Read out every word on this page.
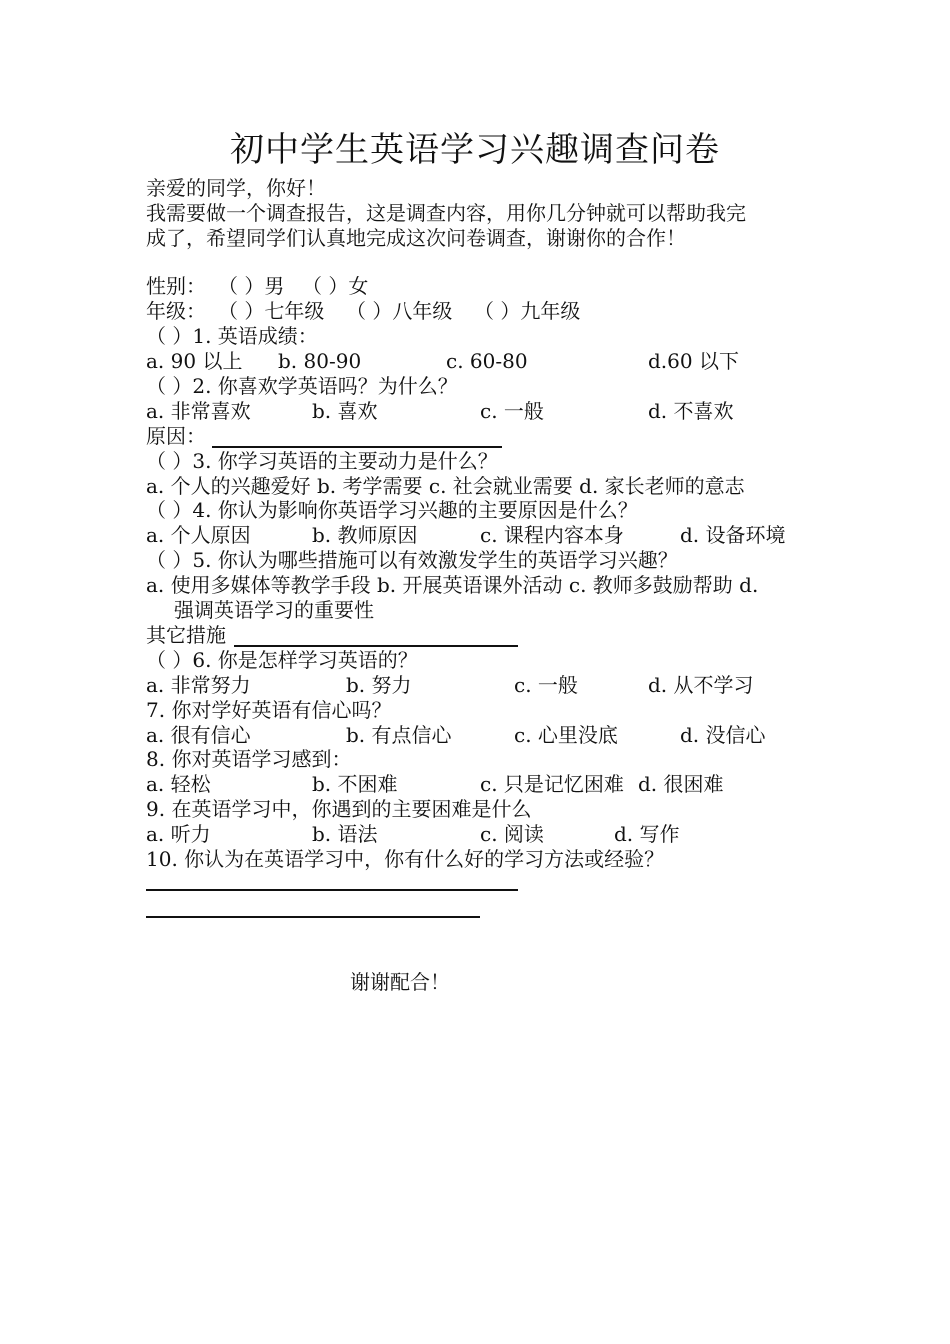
初中学生英语学习兴趣调查问卷
亲爱的同学，你好！
我需要做一个调查报告，这是调查内容，用你几分钟就可以帮助我完
成了，希望同学们认真地完成这次问卷调查，谢谢你的合作！
性别： （ ）男 （ ）女
年级： （ ）七年级 （ ）八年级 （ ）九年级
（ ）1. 英语成绩：
a. 90 以上 b. 80-90	c. 60-80	d.60 以下
（ ）2. 你喜欢学英语吗？为什么？
a. 非常喜欢	b. 喜欢	c. 一般	d. 不喜欢
原因：
（ ）3. 你学习英语的主要动力是什么？
a. 个人的兴趣爱好 b. 考学需要 c. 社会就业需要 d. 家长老师的意志
（ ）4. 你认为影响你英语学习兴趣的主要原因是什么？
a. 个人原因	b. 教师原因	c. 课程内容本身	d. 设备环境
（ ）5. 你认为哪些措施可以有效激发学生的英语学习兴趣？
a. 使用多媒体等教学手段 b. 开展英语课外活动 c. 教师多鼓励帮助 d.
强调英语学习的重要性
其它措施
（ ）6. 你是怎样学习英语的？
a. 非常努力	b. 努力	c. 一般	d. 从不学习
7. 你对学好英语有信心吗？
a. 很有信心	b. 有点信心	c. 心里没底	d. 没信心
8. 你对英语学习感到：
a. 轻松	b. 不困难	c. 只是记忆困难 d. 很困难
9. 在英语学习中，你遇到的主要困难是什么
a. 听力	b. 语法	c. 阅读	d. 写作
10. 你认为在英语学习中，你有什么好的学习方法或经验？
谢谢配合！
